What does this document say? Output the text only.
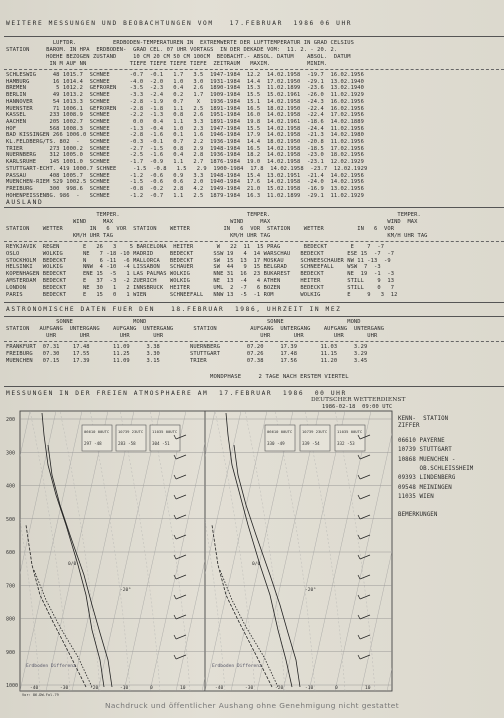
WEITERE MESSUNGEN UND BEOBACHTUNGEN VOM   17.FEBRUAR  1986 06 UHR
LUFTDR.           ERDBODEN-TEMPERATUREN IN  EXTREMWERTE DER LUFTTEMPERATUR IN GRAD CELSIUS
STATION     BAROM. IN HPA  ERDBODEN-  GRAD CEL. 07 UHR VORTAGS  IN DER DEKADE VOM:  11. 2. - 20. 2.
HOEHE BEZOGEN ZUSTAND     10 CM 20 CM 50 CM 100CM  BEOBACHT.- ABSOL. DATUM    ABSOL.  DATUM
IN M AUF NN             TIEFE TIEFE TIEFE TIEFE  ZEITRAUM   MAXIM.           MINIM.
SCHLESWIG     48 1015.7  SCHNEE      -0.7  -0.1   1.7   3.5  1947-1984  12.2  14.02.1958  -19.7  16.02.1956
HAMBURG       16 1014.4  SCHNEE      -4.0  -2.0   1.0   3.0  1931-1984  14.4  17.02.1950  -29.1  13.02.1940
BREMEN         5 1012.2  GEFROREN    -3.5  -2.3   0.4   2.6  1890-1984  15.3  11.02.1899  -23.6  13.02.1940
BERLIN        49 1013.2  SCHNEE      -3.3  -2.4   0.2   1.7  1909-1984  15.5  15.02.1961  -26.0  11.02.1929
HANNOVER      54 1013.3  SCHNEE      -2.8  -1.9   0.7    X   1936-1984  15.1  14.02.1958  -24.3  16.02.1956
MUENSTER      71 1006.1  GEFROREN    -2.8  -1.8   1.1   2.5  1891-1984  16.5  18.02.1950  -22.4  16.02.1956
KASSEL       233 1008.9  SCHNEE      -2.2  -1.3   0.8   2.6  1951-1984  16.0  14.02.1958  -22.4  17.02.1956
AACHEN       205 1002.7  SCHNEE       0.0   0.4   1.1   3.3  1891-1984  19.8  14.02.1961  -18.6  14.02.1889
HOF          568 1008.3  SCHNEE      -1.3  -0.4   1.0   2.3  1947-1984  15.5  14.02.1958  -24.4  11.02.1956
BAD KISSINGEN 266 1006.0 SCHNEE      -2.8  -1.6   0.1   1.6  1946-1984  17.9  14.02.1958  -21.3  14.02.1980
KL.FELDBERG/TS. 802  -   SCHNEE      -0.3  -0.1   0.7   2.2  1936-1984  14.4  18.02.1950  -20.8  11.02.1956
TRIER        273 1000.2  SCHNEE      -2.7  -1.5   0.8   2.9  1948-1984  16.5  14.02.1958  -18.5  17.02.1956
NUERNBERG    312 1005.0  SCHNEE      -2.5  -1.6   0.4   2.8  1936-1984  18.2  14.02.1958  -23.0  18.02.1956
KARLSRUHE    145 1001.0  SCHNEE      -1.7  -0.9   1.1   2.7  1876-1984  19.0  14.02.1958  -23.1  12.02.1929
STUTTGART-ECHT. 419 1000.7 SCHNEE     -1.5  -0.8   1.5   2.9  1900-1984  17.8  14.02.1958  -23.7  12.02.1929
PASSAU       408 1005.7  SCHNEE      -1.2  -0.6   0.9   3.3  1948-1984  15.4  13.02.1951  -21.4  14.02.1956
MUENCHEN-RIEM 529 1002.5 SCHNEE      -1.5  -0.6   0.6   2.0  1940-1984  17.6  14.02.1958  -24.0  14.02.1956
FREIBURG     300  998.6  SCHNEE      -0.8  -0.2   2.8   4.2  1949-1984  21.0  15.02.1958  -16.9  13.02.1956
HOHENPEISSENBG. 986  -   SCHNEE      -1.2  -0.7   1.1   2.5  1879-1984  16.3  11.02.1899  -29.1  11.02.1929
AUSLAND
TEMPER.                                      TEMPER.                                      TEMPER.
WIND     MAX                                   WIND     MAX                                   WIND  MAX
STATION    WETTER        IN   6  VOR  STATION    WETTER          IN   6  VOR  STATION    WETTER          IN   6  VOR
KM/H UHR TAG                                   KM/H UHR TAG                                   KM/H UHR TAG
REYKJAVIK  REGEN       E   26   3    5 BARCELONA  HEITER       W   22  11  15 PRAG       BEDECKT       E    7  -7
OSLO       WOLKIG      NE   7 -18 -10 MADRID     BEDECKT      SSW 19   4  14 WARSCHAU   BEDECKT       ESE 15  -7  -7
STOCKHOLM  BEDECKT     N    6 -11  -6 MALLORCA   BEDECKT      SW  15  13  17 MOSKAU     SCHNEESCHAUER NW 11 -13  -9
HELSINKI   WOLKIG      NNW  4 -10  -4 LISSABON   SCHAUER      SW  44   9  15 BELGRAD    SCHNEEFALL    WSW  7  -3
KOPENHAGEN BEDECKT     ENE 15  -5   1 LAS PALMAS WOLKIG       NNE 31  16  23 BUKAREST   BEDECKT       NE  19  -1  -3
AMSTERDAM  BEDECKT     E   37  -3  -2 ZUERICH    WOLKIG       NE  13  -4   4 ATHEN      HEITER        STILL    9  13
LONDON     BEDECKT     NE  30   1   2 INNSBRUCK  HEITER       UML  2  -7   6 BOZEN      BEDECKT       STILL    0   7
PARIS      BEDECKT     E   15   0   1 WIEN       SCHNEEFALL   NNW 13  -5  -1 ROM        WOLKIG        E     9   3  12
ASTRONOMISCHE DATEN FUER DEN   18.FEBRUAR  1986, UHRZEIT IN MEZ
SONNE                  MOND                                    SONNE                   MOND
STATION   AUFGANG  UNTERGANG    AUFGANG  UNTERGANG      STATION          AUFGANG  UNTERGANG    AUFGANG  UNTERGANG
UHR       UHR         UHR       UHR                             UHR       UHR         UHR       UHR
FRANKFURT  07.31    17.48       11.09     3.38         NUERNBERG        07.20     17.39       11.03     3.29
FREIBURG   07.30    17.55       11.25     3.30         STUTTGART        07.26     17.48       11.15     3.29
MUENCHEN   07.15    17.39       11.09     3.15         TRIER            07.38     17.56       11.20     3.45
MONDPHASE     2 TAGE NACH ERSTEM VIERTEL
MESSUNGEN IN DER FREIEN ATMOSPHAERE AM  17.FEBRUAR  1986  00 UHR
DEUTSCHER WETTERDIENST
1986-02-18  09:00 UTC
KENN-  STATION
ZIFFER
06610 PAYERNE
10739 STUTTGART
10868 MUENCHEN -
OB.SCHLEISSHEIM
09393 LINDENBERG
09548 MEININGEN
11035 WIEN
BEMERKUNGEN
200
300
400
500
600
700
800
900
1000	-40	-30	-20	-10	0	10	-40	-30	-20	-10	0	10
06610 00UTC
297 -48
10739 23UTC
283 -58
11035 00UTC
304 -51
06610 00UTC
330 -49
10739 23UTC
339 -54
11035 00UTC
332 -53
0/0	0/0
-20°	-20°
Erdboden Differenz	Erdboden Differenz
Vor: 86.DW.Fol.79
Nachdruck und öffentlicher Aushang ohne Genehmigung nicht gestattet
